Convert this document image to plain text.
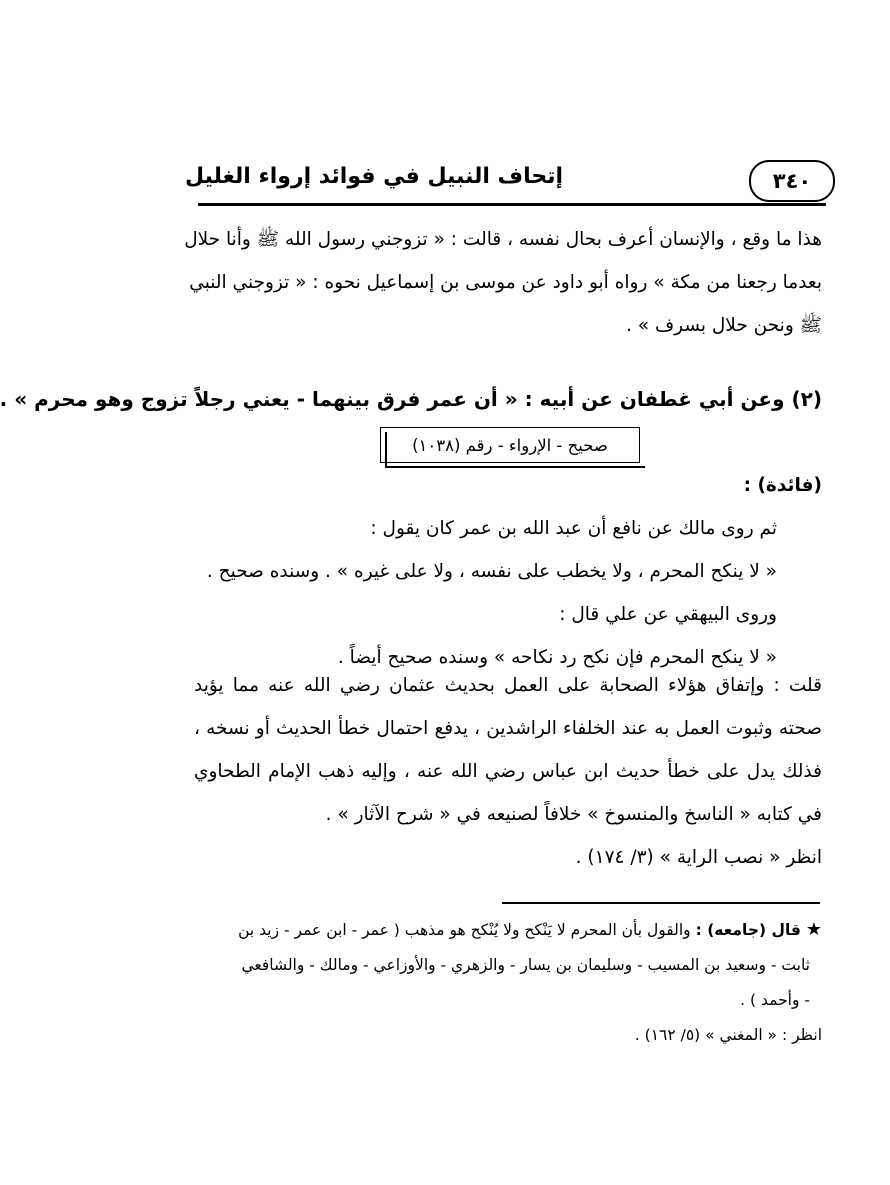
٣٤٠
إتحاف النبيل في فوائد إرواء الغليل
هذا ما وقع ، والإنسان أعرف بحال نفسه ، قالت : « تزوجني رسول الله ﷺ وأنا حلال
بعدما رجعنا من مكة » رواه أبو داود عن موسى بن إسماعيل نحوه : « تزوجني النبي
ﷺ ونحن حلال بسرف » .
(٢) وعن أبي غطفان عن أبيه : « أن عمر فرق بينهما - يعني رجلاً تزوج وهو محرم » .
صحيح - الإرواء - رقم (١٠٣٨)
(فائدة) :
ثم روى مالك عن نافع أن عبد الله بن عمر كان يقول :
« لا ينكح المحرم ، ولا يخطب على نفسه ، ولا على غيره » . وسنده صحيح .
وروى البيهقي عن علي قال :
« لا ينكح المحرم فإن نكح رد نكاحه » وسنده صحيح أيضاً .
قلت : وإتفاق هؤلاء الصحابة على العمل بحديث عثمان رضي الله عنه مما يؤيد
صحته وثبوت العمل به عند الخلفاء الراشدين ، يدفع احتمال خطأ الحديث أو نسخه ،
فذلك يدل على خطأ حديث ابن عباس رضي الله عنه ، وإليه ذهب الإمام الطحاوي
في كتابه « الناسخ والمنسوخ » خلافاً لصنيعه في « شرح الآثار » .
انظر « نصب الراية » (٣/ ١٧٤) .
★ قال (جامعه) : والقول بأن المحرم لا يَنْكح ولا يُنْكح هو مذهب ( عمر - ابن عمر - زيد بن
ثابت - وسعيد بن المسيب - وسليمان بن يسار - والزهري - والأوزاعي - ومالك - والشافعي
- وأحمد ) .
انظر : « المغني » (٥/ ١٦٢) .
